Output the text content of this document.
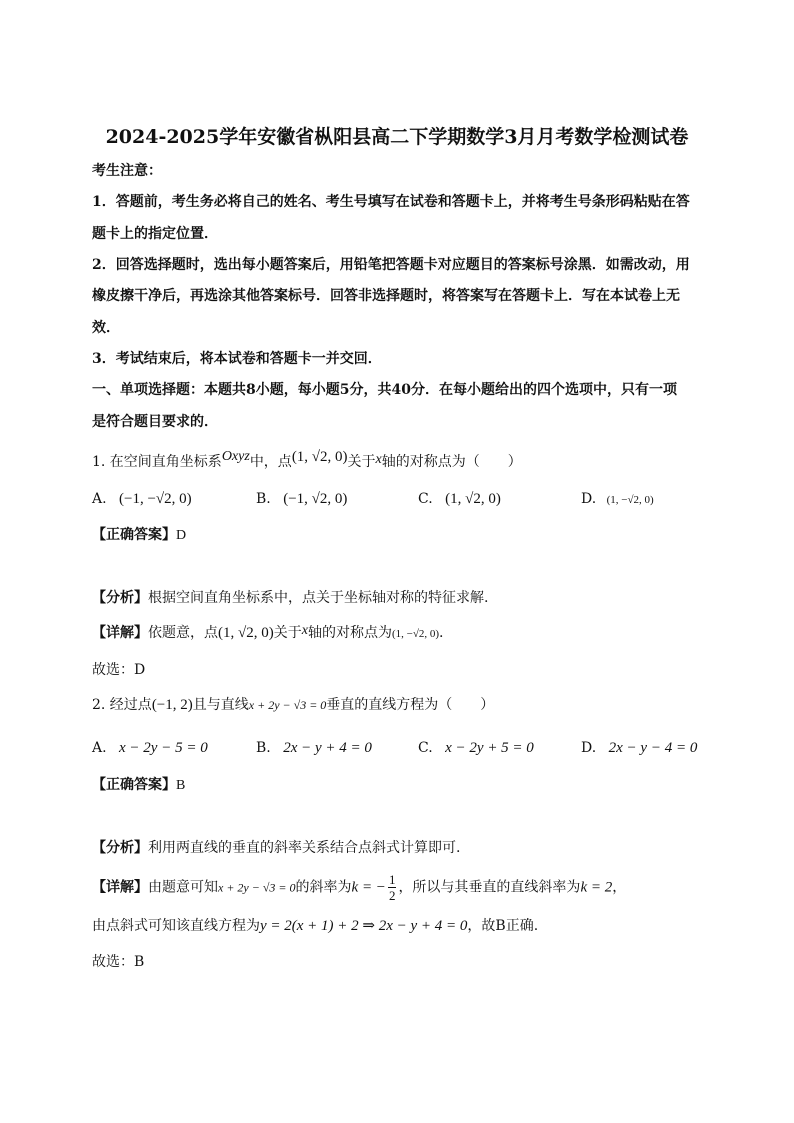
2024-2025学年安徽省枞阳县高二下学期数学3月月考数学检测试卷
考生注意：
1．答题前，考生务必将自己的姓名、考生号填写在试卷和答题卡上，并将考生号条形码粘贴在答
题卡上的指定位置．
2．回答选择题时，选出每小题答案后，用铅笔把答题卡对应题目的答案标号涂黑．如需改动，用
橡皮擦干净后，再选涂其他答案标号．回答非选择题时，将答案写在答题卡上．写在本试卷上无
效．
3．考试结束后，将本试卷和答题卡一并交回．
一、单项选择题：本题共8小题，每小题5分，共40分．在每小题给出的四个选项中，只有一项
是符合题目要求的．
1. 在空间直角坐标系Oxyz中，点(1, √2, 0)关于x轴的对称点为（　　）
A. (−1, −√2, 0)	B. (−1, √2, 0)	C. (1, √2, 0)	D. (1, −√2, 0)
【正确答案】D
【分析】根据空间直角坐标系中，点关于坐标轴对称的特征求解.
【详解】依题意，点(1, √2, 0)关于x轴的对称点为(1, −√2, 0).
故选：D
2. 经过点(−1, 2)且与直线x + 2y − √3 = 0垂直的直线方程为（　　）
A. x − 2y − 5 = 0	B. 2x − y + 4 = 0	C. x − 2y + 5 = 0	D. 2x − y − 4 = 0
【正确答案】B
【分析】利用两直线的垂直的斜率关系结合点斜式计算即可.
【详解】由题意可知x + 2y − √3 = 0的斜率为k = − $\frac{1}{2}$ ，所以与其垂直的直线斜率为k = 2，
由点斜式可知该直线方程为y = 2(x + 1) + 2 ⇒ 2x − y + 4 = 0，故B正确.
故选：B
